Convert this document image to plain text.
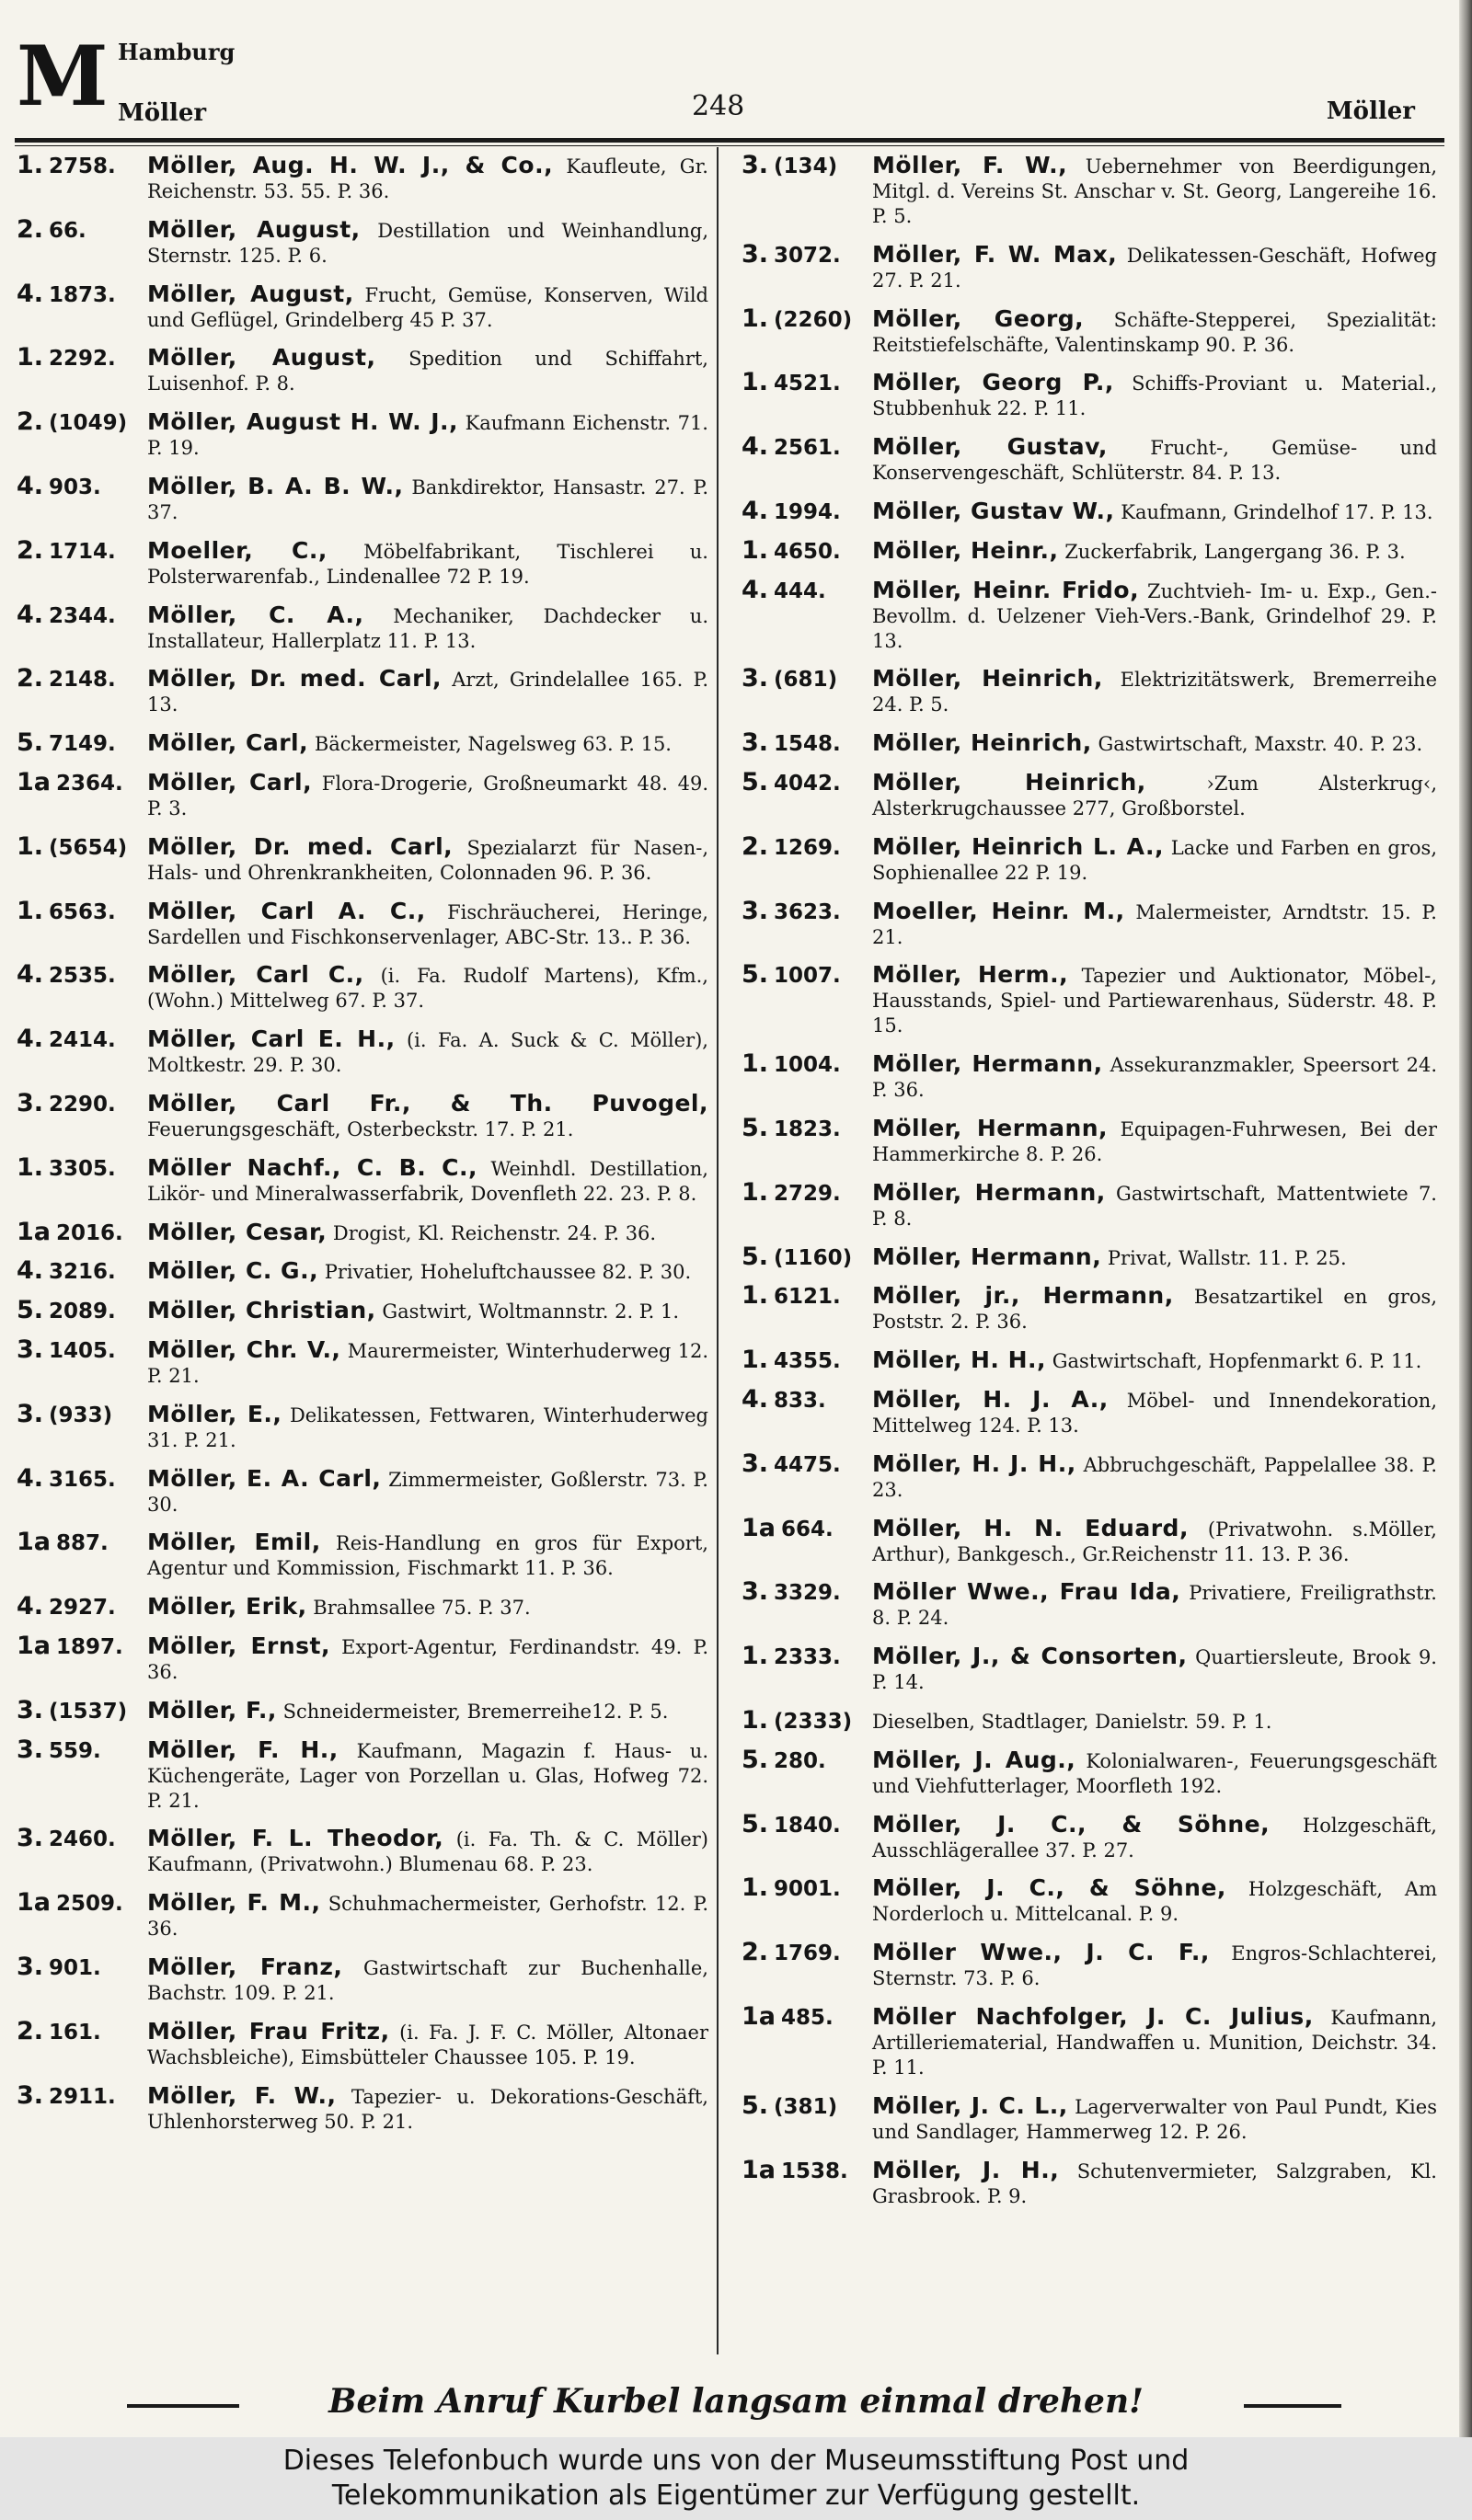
M Hamburg
Möller	248	Möller
1. 2758.	Möller, Aug. H. W. J., & Co., Kaufleute, Gr. Reichenstr. 53. 55. P. 36.
2. 66.	Möller, August, Destillation und Weinhandlung, Sternstr. 125. P. 6.
4. 1873.	Möller, August, Frucht, Gemüse, Konserven, Wild und Geflügel, Grindelberg 45 P. 37.
1. 2292.	Möller, August, Spedition und Schiffahrt, Luisenhof. P. 8.
2. (1049) Möller, August H. W. J., Kaufmann Eichenstr. 71. P. 19.
4. 903.	Möller, B. A. B. W., Bankdirektor, Hansastr. 27. P. 37.
2. 1714.	Moeller, C., Möbelfabrikant, Tischlerei u. Polsterwarenfab., Lindenallee 72 P. 19.
4. 2344.	Möller, C. A., Mechaniker, Dachdecker u. Installateur, Hallerplatz 11. P. 13.
2. 2148.	Möller, Dr. med. Carl, Arzt, Grindelallee 165. P. 13.
5. 7149.	Möller, Carl, Bäckermeister, Nagelsweg 63. P. 15.
1a 2364.	Möller, Carl, Flora-Drogerie, Großneumarkt 48. 49. P. 3.
1. (5654) Möller, Dr. med. Carl, Spezialarzt für Nasen-, Hals- und Ohrenkrankheiten, Colonnaden 96. P. 36.
1. 6563.	Möller, Carl A. C., Fischräucherei, Heringe, Sardellen und Fischkonservenlager, ABC-Str. 13.. P. 36.
4. 2535.	Möller, Carl C., (i. Fa. Rudolf Martens), Kfm., (Wohn.) Mittelweg 67. P. 37.
4. 2414.	Möller, Carl E. H., (i. Fa. A. Suck & C. Möller), Moltkestr. 29. P. 30.
3. 2290.	Möller, Carl Fr., & Th. Puvogel, Feuerungsgeschäft, Osterbeckstr. 17. P. 21.
1. 3305.	Möller Nachf., C. B. C., Weinhdl. Destillation, Likör- und Mineralwasserfabrik, Dovenfleth 22. 23. P. 8.
1a 2016.	Möller, Cesar, Drogist, Kl. Reichenstr. 24. P. 36.
4. 3216.	Möller, C. G., Privatier, Hoheluftchaussee 82. P. 30.
5. 2089.	Möller, Christian, Gastwirt, Woltmannstr. 2. P. 1.
3. 1405.	Möller, Chr. V., Maurermeister, Winterhuderweg 12. P. 21.
3. (933)	Möller, E., Delikatessen, Fettwaren, Winterhuderweg 31. P. 21.
4. 3165.	Möller, E. A. Carl, Zimmermeister, Goßlerstr. 73. P. 30.
1a 887.	Möller, Emil, Reis-Handlung en gros für Export, Agentur und Kommission, Fischmarkt 11. P. 36.
4. 2927.	Möller, Erik, Brahmsallee 75. P. 37.
1a 1897.	Möller, Ernst, Export-Agentur, Ferdinandstr. 49. P. 36.
3. (1537) Möller, F., Schneidermeister, Bremerreihe12. P. 5.
3. 559.	Möller, F. H., Kaufmann, Magazin f. Haus- u. Küchengeräte, Lager von Porzellan u. Glas, Hofweg 72. P. 21.
3. 2460.	Möller, F. L. Theodor, (i. Fa. Th. & C. Möller) Kaufmann, (Privatwohn.) Blumenau 68. P. 23.
1a 2509.	Möller, F. M., Schuhmachermeister, Gerhofstr. 12. P. 36.
3. 901.	Möller, Franz, Gastwirtschaft zur Buchenhalle, Bachstr. 109. P. 21.
2. 161.	Möller, Frau Fritz, (i. Fa. J. F. C. Möller, Altonaer Wachsbleiche), Eimsbütteler Chaussee 105. P. 19.
3. 2911.	Möller, F. W., Tapezier- u. Dekorations-Geschäft, Uhlenhorsterweg 50. P. 21.
3. (134)	Möller, F. W., Uebernehmer von Beerdigungen, Mitgl. d. Vereins St. Anschar v. St. Georg, Langereihe 16. P. 5.
3. 3072.	Möller, F. W. Max, Delikatessen-Geschäft, Hofweg 27. P. 21.
1. (2260) Möller, Georg, Schäfte-Stepperei, Spezialität: Reitstiefelschäfte, Valentinskamp 90. P. 36.
1. 4521.	Möller, Georg P., Schiffs-Proviant u. Material., Stubbenhuk 22. P. 11.
4. 2561.	Möller, Gustav, Frucht-, Gemüse- und Konservengeschäft, Schlüterstr. 84. P. 13.
4. 1994.	Möller, Gustav W., Kaufmann, Grindelhof 17. P. 13.
1. 4650.	Möller, Heinr., Zuckerfabrik, Langergang 36. P. 3.
4. 444.	Möller, Heinr. Frido, Zuchtvieh- Im- u. Exp., Gen.-Bevollm. d. Uelzener Vieh-Vers.-Bank, Grindelhof 29. P. 13.
3. (681)	Möller, Heinrich, Elektrizitätswerk, Bremerreihe 24. P. 5.
3. 1548.	Möller, Heinrich, Gastwirtschaft, Maxstr. 40. P. 23.
5. 4042.	Möller, Heinrich,	›Zum Alsterkrug‹, Alsterkrugchaussee 277, Großborstel.
2. 1269.	Möller, Heinrich L. A., Lacke und Farben en gros, Sophienallee 22 P. 19.
3. 3623.	Moeller, Heinr. M., Malermeister, Arndtstr. 15. P. 21.
5. 1007.	Möller, Herm., Tapezier und Auktionator, Möbel-, Hausstands, Spiel- und Partiewarenhaus, Süderstr. 48. P. 15.
1. 1004.	Möller, Hermann, Assekuranzmakler, Speersort 24. P. 36.
5. 1823.	Möller, Hermann, Equipagen-Fuhrwesen, Bei der Hammerkirche 8. P. 26.
1. 2729.	Möller, Hermann, Gastwirtschaft, Mattentwiete 7. P. 8.
5. (1160) Möller, Hermann, Privat, Wallstr. 11. P. 25.
1. 6121.	Möller, jr., Hermann, Besatzartikel en gros, Poststr. 2. P. 36.
1. 4355.	Möller, H. H., Gastwirtschaft, Hopfenmarkt 6. P. 11.
4. 833.	Möller, H. J. A., Möbel- und Innendekoration, Mittelweg 124. P. 13.
3. 4475.	Möller, H. J. H., Abbruchgeschäft, Pappelallee 38. P. 23.
1a 664.	Möller, H. N. Eduard, (Privatwohn. s.Möller, Arthur), Bankgesch., Gr.Reichenstr 11. 13. P. 36.
3. 3329.	Möller Wwe., Frau Ida, Privatiere, Freiligrathstr. 8. P. 24.
1. 2333.	Möller, J., & Consorten, Quartiersleute, Brook 9. P. 14.
1. (2333)	Dieselben, Stadtlager, Danielstr. 59. P. 1.
5. 280.	Möller, J. Aug., Kolonialwaren-, Feuerungsgeschäft und Viehfutterlager, Moorfleth 192.
5. 1840.	Möller, J. C., & Söhne, Holzgeschäft, Ausschlägerallee 37. P. 27.
1. 9001.	Möller, J. C., & Söhne, Holzgeschäft, Am Norderloch u. Mittelcanal. P. 9.
2. 1769.	Möller Wwe., J. C. F., Engros-Schlachterei, Sternstr. 73. P. 6.
1a 485.	Möller Nachfolger, J. C. Julius, Kaufmann, Artilleriematerial, Handwaffen u. Munition, Deichstr. 34. P. 11.
5. (381)	Möller, J. C. L., Lagerverwalter von Paul Pundt, Kies und Sandlager, Hammerweg 12. P. 26.
1a 1538.	Möller, J. H., Schutenvermieter, Salzgraben, Kl. Grasbrook. P. 9.
Beim Anruf Kurbel langsam einmal drehen!
Dieses Telefonbuch wurde uns von der Museumsstiftung Post und
Telekommunikation als Eigentümer zur Verfügung gestellt.
